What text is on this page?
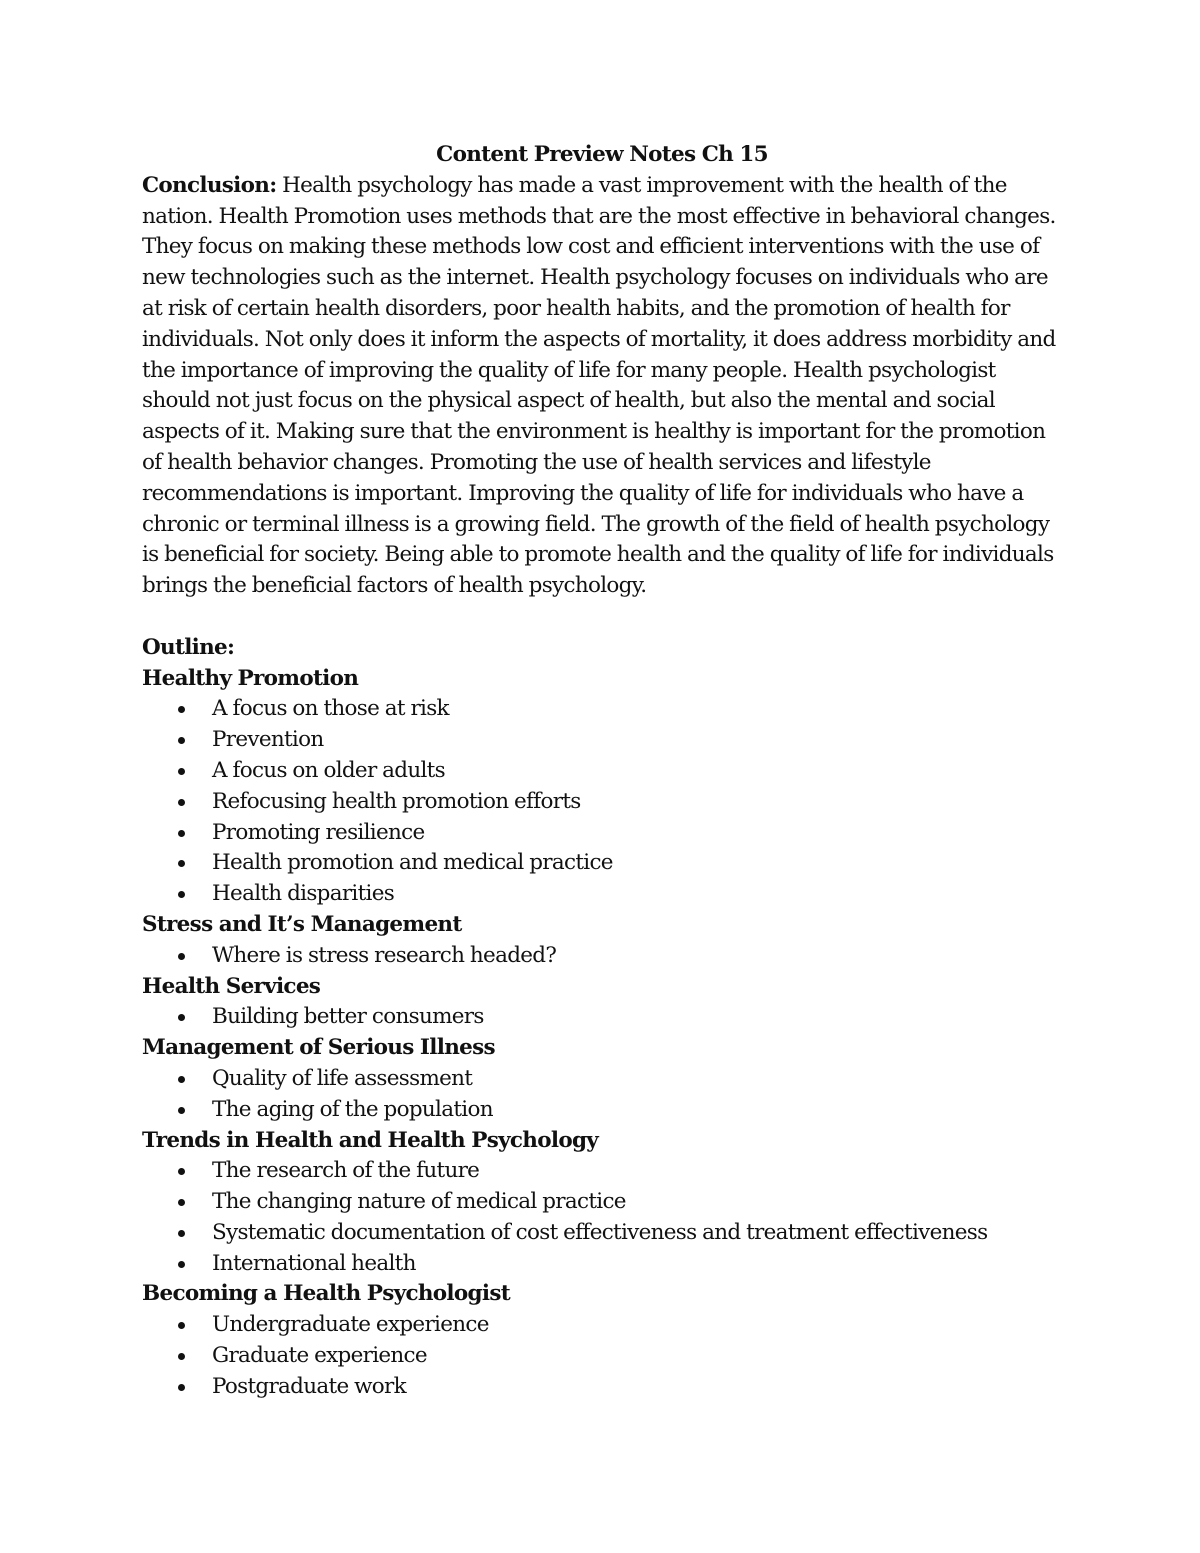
Content Preview Notes Ch 15

Conclusion: Health psychology has made a vast improvement with the health of the nation. Health Promotion uses methods that are the most effective in behavioral changes. They focus on making these methods low cost and efficient interventions with the use of new technologies such as the internet. Health psychology focuses on individuals who are at risk of certain health disorders, poor health habits, and the promotion of health for individuals. Not only does it inform the aspects of mortality, it does address morbidity and the importance of improving the quality of life for many people. Health psychologist should not just focus on the physical aspect of health, but also the mental and social aspects of it. Making sure that the environment is healthy is important for the promotion of health behavior changes. Promoting the use of health services and lifestyle recommendations is important. Improving the quality of life for individuals who have a chronic or terminal illness is a growing field. The growth of the field of health psychology is beneficial for society. Being able to promote health and the quality of life for individuals brings the beneficial factors of health psychology.

Outline:

Healthy Promotion

A focus on those at risk
Prevention
A focus on older adults
Refocusing health promotion efforts
Promoting resilience
Health promotion and medical practice
Health disparities

Stress and It’s Management

Where is stress research headed?

Health Services

Building better consumers

Management of Serious Illness

Quality of life assessment
The aging of the population

Trends in Health and Health Psychology

The research of the future
The changing nature of medical practice
Systematic documentation of cost effectiveness and treatment effectiveness
International health

Becoming a Health Psychologist

Undergraduate experience
Graduate experience
Postgraduate work
